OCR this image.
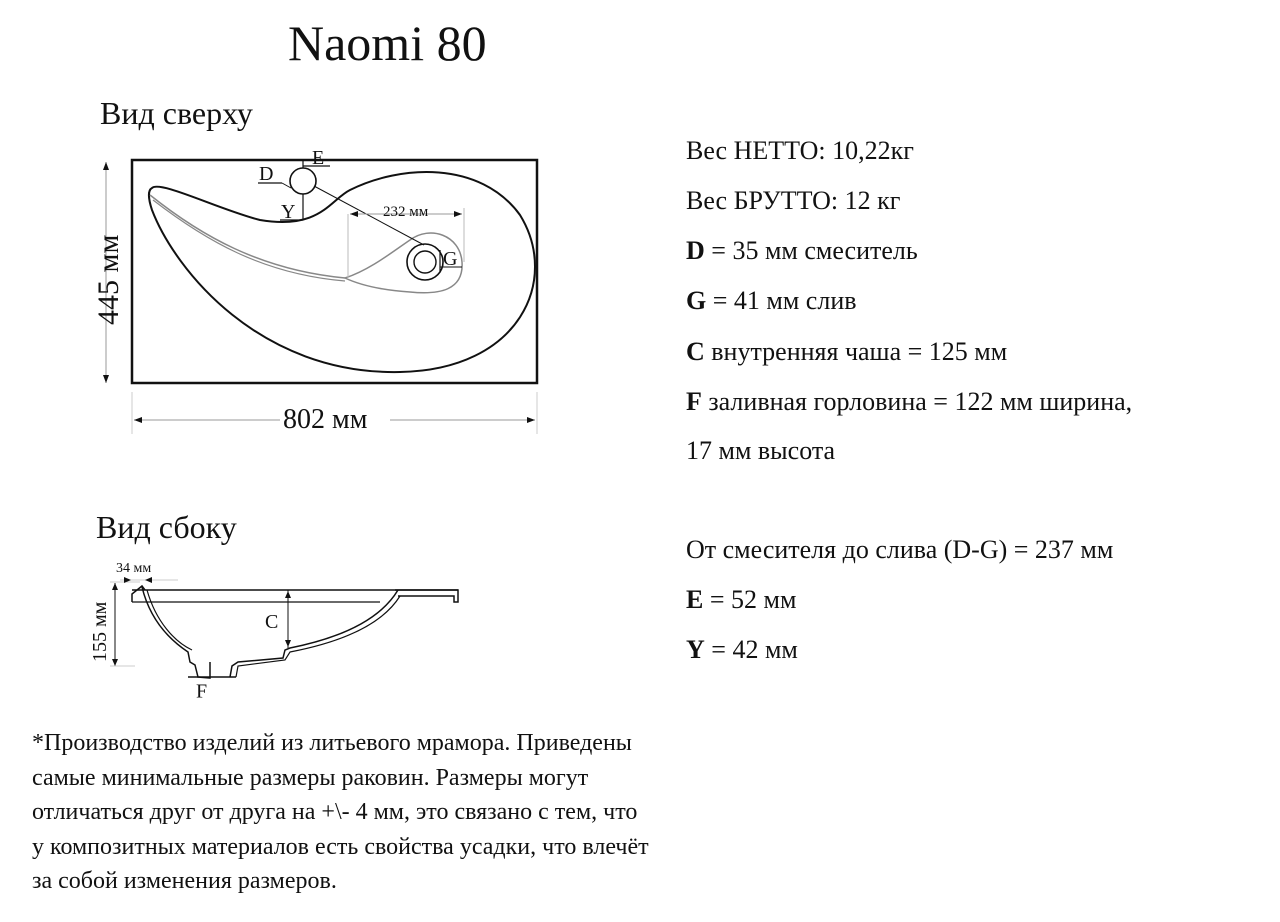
Naomi 80
Вид сверху
Вид сбоку
E
D
Y
G
232 мм
445 мм
802 мм
C
F
155 мм
34 мм
Вес НЕТТО: 10,22кг
Вес БРУТТО: 12 кг
D = 35 мм смеситель
G = 41 мм слив
C внутренняя чаша = 125 мм
F заливная горловина = 122 мм ширина,
17 мм высота
От смесителя до слива (D-G) = 237 мм
E = 52 мм
Y = 42 мм
*Производство изделий из литьевого мрамора. Приведены
самые минимальные размеры раковин. Размеры могут
отличаться друг от друга на +\- 4 мм, это связано с тем, что
у композитных материалов есть свойства усадки, что влечёт
за собой изменения размеров.
